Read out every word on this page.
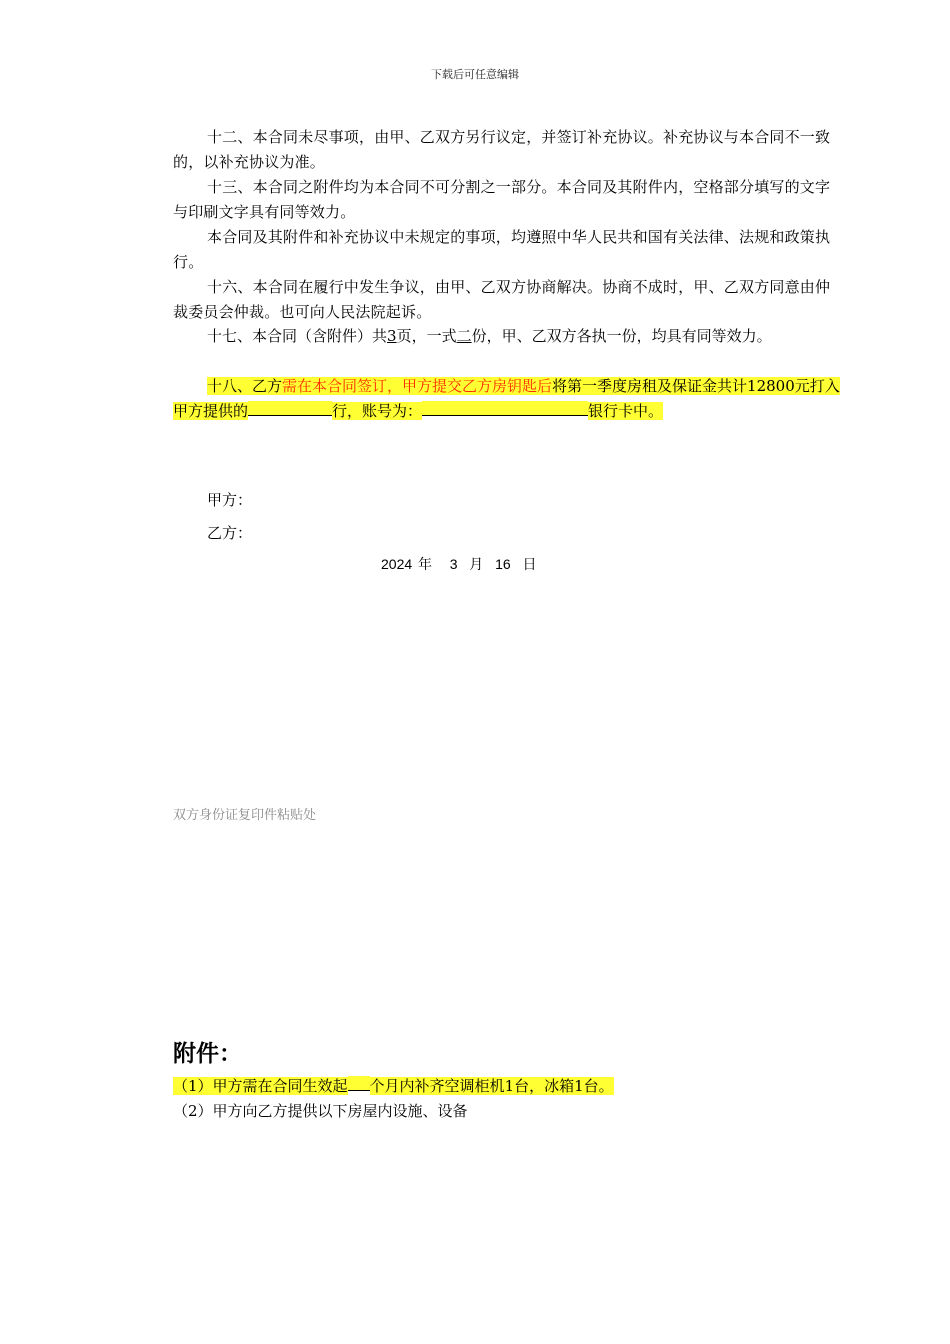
下载后可任意编辑

十二、本合同未尽事项，由甲、乙双方另行议定，并签订补充协议。补充协议与本合同不一致的，以补充协议为准。

十三、本合同之附件均为本合同不可分割之一部分。本合同及其附件内，空格部分填写的文字与印刷文字具有同等效力。

本合同及其附件和补充协议中未规定的事项，均遵照中华人民共和国有关法律、法规和政策执行。

十六、本合同在履行中发生争议，由甲、乙双方协商解决。协商不成时，甲、乙双方同意由仲裁委员会仲裁。也可向人民法院起诉。

十七、本合同（含附件）共3页，一式二份，甲、乙双方各执一份，均具有同等效力。

十八、乙方需在本合同签订，甲方提交乙方房钥匙后将第一季度房租及保证金共计12800元打入甲方提供的	行，账号为：	银行卡中。

甲方：
乙方：
2024 年 3 月 16 日
双方身份证复印件粘贴处
附件：
（1）甲方需在合同生效起 个月内补齐空调柜机1台，冰箱1台。
（2）甲方向乙方提供以下房屋内设施、设备
